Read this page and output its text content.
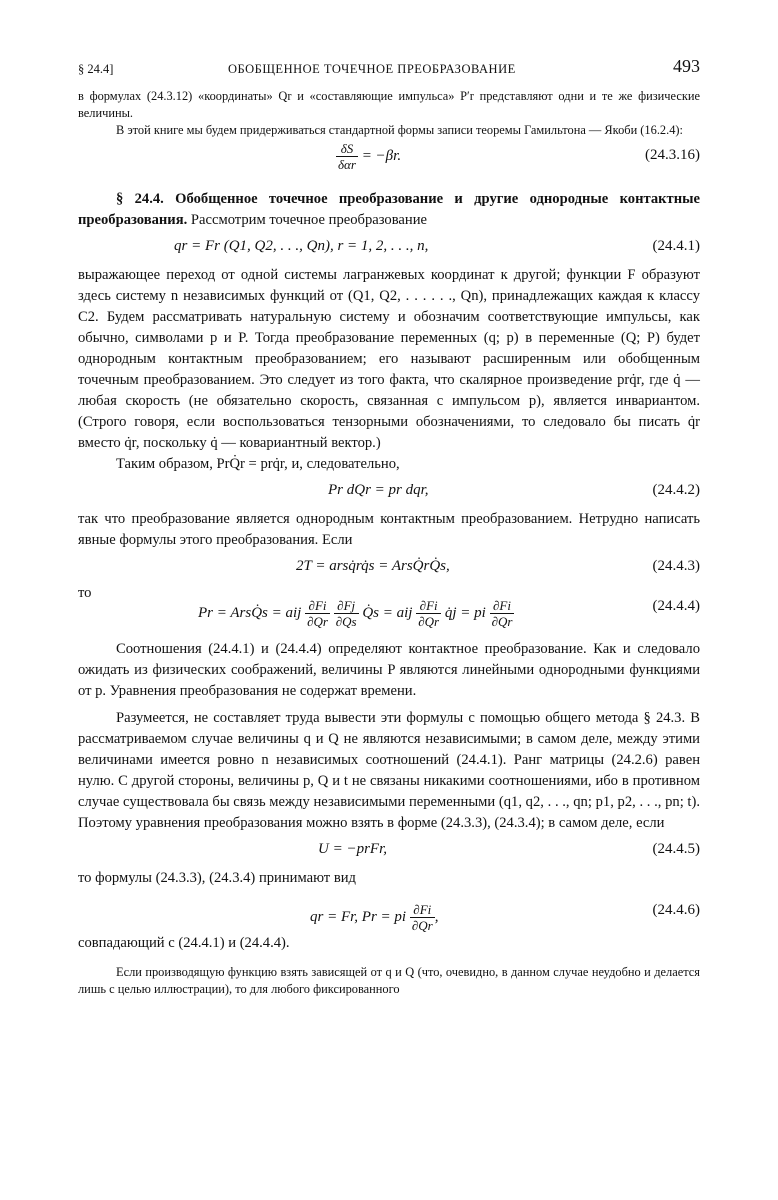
§ 24.4]	ОБОБЩЕННОЕ ТОЧЕЧНОЕ ПРЕОБРАЗОВАНИЕ	493

в формулах (24.3.12) «координаты» Qr и «составляющие импульса» P′r представляют одни и те же физические величины.

В этой книге мы будем придерживаться стандартной формы записи теоремы Гамильтона — Якоби (16.2.4):

$\frac{\delta S}{\text{δαr}} = -\beta r$.	(24.3.16)

§ 24.4. Обобщенное точечное преобразование и другие однородные контактные преобразования. Рассмотрим точечное преобразование

qr = Fr (Q1, Q2, . . ., Qn), r = 1, 2, . . ., n,	(24.4.1)

выражающее переход от одной системы лагранжевых координат к другой; функции F образуют здесь систему n независимых функций от (Q1, Q2, . . . . . ., Qn), принадлежащих каждая к классу C2. Будем рассматривать натуральную систему и обозначим соответствующие импульсы, как обычно, символами p и P. Тогда преобразование переменных (q; p) в переменные (Q; P) будет однородным контактным преобразованием; его называют расширенным или обобщенным точечным преобразованием. Это следует из того факта, что скалярное произведение prq̇r, где q̇ — любая скорость (не обязательно скорость, связанная с импульсом p), является инвариантом. (Строго говоря, если воспользоваться тензорными обозначениями, то следовало бы писать q̇r вместо q̇r, поскольку q̇ — ковариантный вектор.)

Таким образом, PrQ̇r = prq̇r, и, следовательно,

Pr dQr = pr dqr,	(24.4.2)

так что преобразование является однородным контактным преобразованием. Нетрудно написать явные формулы этого преобразования. Если

2T = arsq̇rq̇s = ArsQ̇rQ̇s,	(24.4.3)
то
Pr = ArsQ̇s = aij $\frac{\partial Fi}{\partial Qr}$
$\frac{\partial Fj}{\partial Qs}$ Q̇s = aij $\frac{\partial Fi}{\partial Qr}$ q̇j = pi $\frac{\partial Fi}{\partial Qr}$	(24.4.4)

Соотношения (24.4.1) и (24.4.4) определяют контактное преобразование. Как и следовало ожидать из физических соображений, величины P являются линейными однородными функциями от p. Уравнения преобразования не содержат времени.

Разумеется, не составляет труда вывести эти формулы с помощью общего метода § 24.3. В рассматриваемом случае величины q и Q не являются независимыми; в самом деле, между этими величинами имеется ровно n независимых соотношений (24.4.1). Ранг матрицы (24.2.6) равен нулю. С другой стороны, величины p, Q и t не связаны никакими соотношениями, ибо в противном случае существовала бы связь между независимыми переменными (q1, q2, . . ., qn; p1, p2, . . ., pn; t). Поэтому уравнения преобразования можно взять в форме (24.3.3), (24.3.4); в самом деле, если

U = −prFr,	(24.4.5)

то формулы (24.3.3), (24.3.4) принимают вид

qr = Fr, Pr = pi $\frac{\partial Fi}{\partial Qr}$ ,	(24.4.6)

совпадающий с (24.4.1) и (24.4.4).

Если производящую функцию взять зависящей от q и Q (что, очевидно, в данном случае неудобно и делается лишь с целью иллюстрации), то для любого фиксированного
